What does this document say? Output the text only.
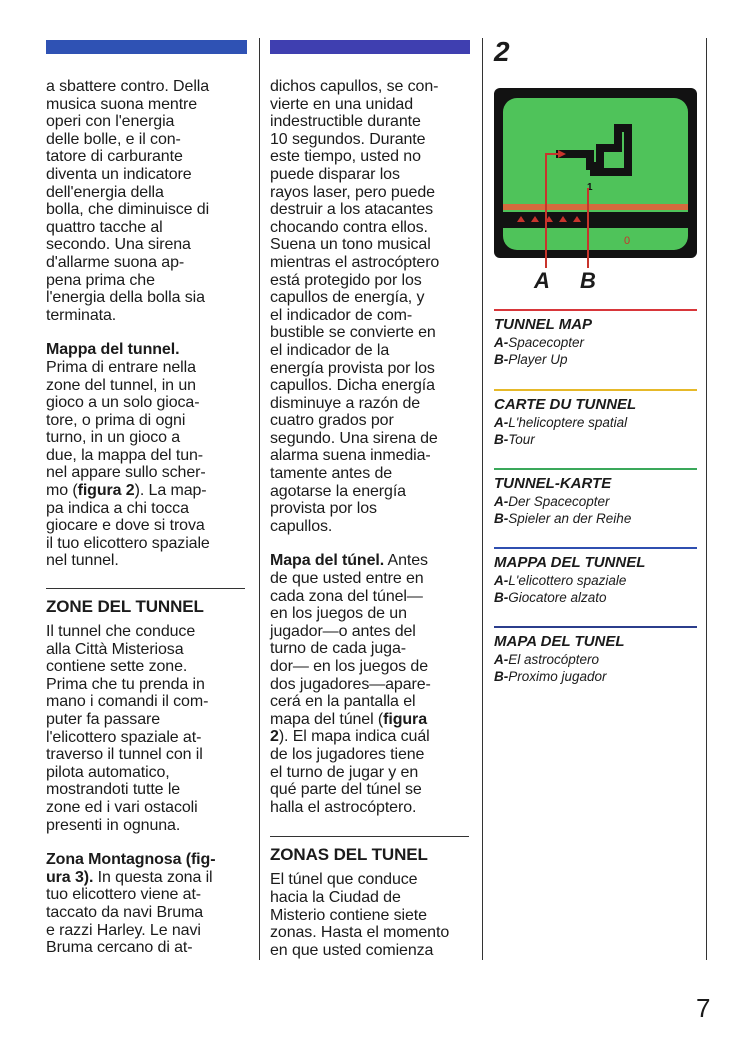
a sbattere contro. Della
musica suona mentre
operi con l'energia
delle bolle, e il con-
tatore di carburante
diventa un indicatore
dell'energia della
bolla, che diminuisce di
quattro tacche al
secondo. Una sirena
d'allarme suona ap-
pena prima che
l'energia della bolla sia
terminata.

Mappa del tunnel.
Prima di entrare nella
zone del tunnel, in un
gioco a un solo gioca-
tore, o prima di ogni
turno, in un gioco a
due, la mappa del tun-
nel appare sullo scher-
mo (figura 2). La map-
pa indica a chi tocca
giocare e dove si trova
il tuo elicottero spaziale
nel tunnel.

ZONE DEL TUNNEL

Il tunnel che conduce
alla Città Misteriosa
contiene sette zone.
Prima che tu prenda in
mano i comandi il com-
puter fa passare
l'elicottero spaziale at-
traverso il tunnel con il
pilota automatico,
mostrandoti tutte le
zone ed i vari ostacoli
presenti in ognuna.

Zona Montagnosa (fig-
ura 3). In questa zona il
tuo elicottero viene at-
taccato da navi Bruma
e razzi Harley. Le navi
Bruma cercano di at-

dichos capullos, se con-
vierte en una unidad
indestructible durante
10 segundos. Durante
este tiempo, usted no
puede disparar los
rayos laser, pero puede
destruir a los atacantes
chocando contra ellos.
Suena un tono musical
mientras el astrocóptero
está protegido por los
capullos de energía, y
el indicador de com-
bustible se convierte en
el indicador de la
energía provista por los
capullos. Dicha energía
disminuye a razón de
cuatro grados por
segundo. Una sirena de
alarma suena inmedia-
tamente antes de
agotarse la energía
provista por los
capullos.

Mapa del túnel. Antes
de que usted entre en
cada zona del túnel—
en los juegos de un
jugador—o antes del
turno de cada juga-
dor— en los juegos de
dos jugadores—apare-
cerá en la pantalla el
mapa del túnel (figura
2). El mapa indica cuál
de los jugadores tiene
el turno de jugar y en
qué parte del túnel se
halla el astrocóptero.

ZONAS DEL TUNEL

El túnel que conduce
hacia la Ciudad de
Misterio contiene siete
zonas. Hasta el momento
en que usted comienza

2
1
0
A B
TUNNEL MAP
A-Spacecopter
B-Player Up
CARTE DU TUNNEL
A-L'helicoptere spatial
B-Tour
TUNNEL-KARTE
A-Der Spacecopter
B-Spieler an der Reihe
MAPPA DEL TUNNEL
A-L'elicottero spaziale
B-Giocatore alzato
MAPA DEL TUNEL
A-El astrocóptero
B-Proximo jugador
7
